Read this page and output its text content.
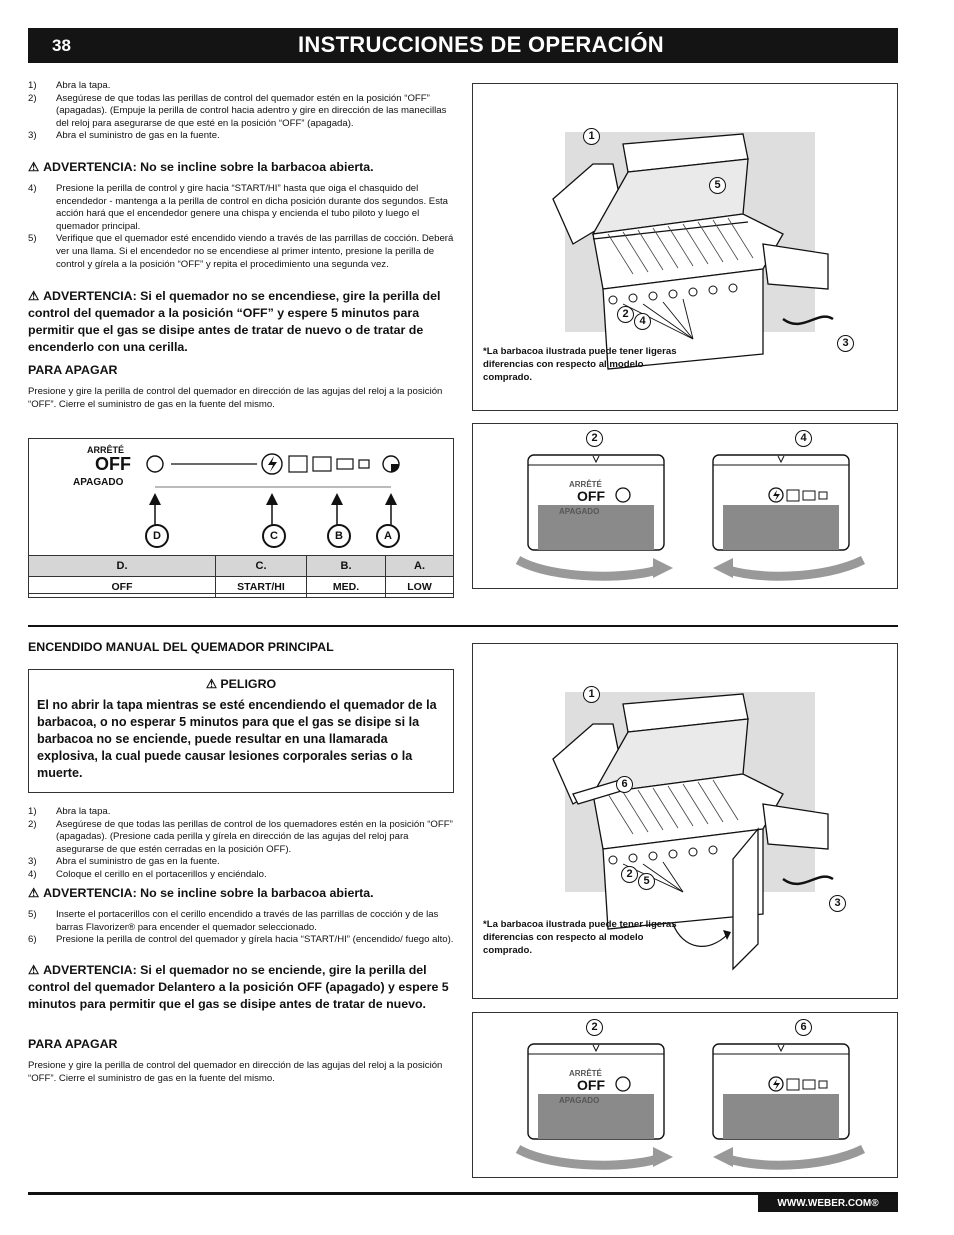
38	INSTRUCCIONES DE OPERACIÓN
1) Abra la tapa.
2) Asegúrese de que todas las perillas de control del quemador estén en la posición “OFF” (apagadas). (Empuje la perilla de control hacia adentro y gire en dirección de las manecillas del reloj para asegurarse de que esté en la posición “OFF” (apagada).
3) Abra el suministro de gas en la fuente.
⚠ ADVERTENCIA: No se incline sobre la barbacoa abierta.
4) Presione la perilla de control y gire hacia “START/HI” hasta que oiga el chasquido del encendedor - mantenga a la perilla de control en dicha posición durante dos segundos. Esta acción hará que el encendedor genere una chispa y encienda el tubo piloto y luego el quemador principal.
5) Verifique que el quemador esté encendido viendo a través de las parrillas de cocción. Deberá ver una llama. Si el encendedor no se encendiese al primer intento, presione la perilla de control y gírela a la posición “OFF” y repita el procedimiento una segunda vez.
⚠ ADVERTENCIA: Si el quemador no se encendiese, gire la perilla del control del quemador a la posición “OFF” y espere 5 minutos para permitir que el gas se disipe antes de tratar de nuevo o de tratar de encenderlo con una cerilla.
PARA APAGAR
Presione y gire la perilla de control del quemador en dirección de las agujas del reloj a la posición “OFF”. Cierre el suministro de gas en la fuente del mismo.
1
5
2
4
3
*La barbacoa ilustrada puede tener ligeras diferencias con respecto al modelo comprado.
ARRÊTÉ
OFF
APAGADO
D	C	B	A
D.	C.	B.	A.
OFF	START/HI	MED.	LOW
2	4
ARRÊTÉ
OFF
APAGADO
ENCENDIDO MANUAL DEL QUEMADOR PRINCIPAL
⚠ PELIGRO
El no abrir la tapa mientras se esté encendiendo el quemador de la barbacoa, o no esperar 5 minutos para que el gas se disipe si la barbacoa no se enciende, puede resultar en una llamarada explosiva, la cual puede causar lesiones corporales serias o la muerte.
1) Abra la tapa.
2) Asegúrese de que todas las perillas de control de los quemadores estén en la posición “OFF” (apagadas). (Presione cada perilla y gírela en dirección de las agujas del reloj para asegurarse de que estén cerradas en la posición OFF).
3) Abra el suministro de gas en la fuente.
4) Coloque el cerillo en el portacerillos y enciéndalo.
⚠ ADVERTENCIA: No se incline sobre la barbacoa abierta.
5) Inserte el portacerillos con el cerillo encendido a través de las parrillas de cocción y de las barras Flavorizer® para encender el quemador seleccionado.
6) Presione la perilla de control del quemador y gírela hacia “START/HI” (encendido/ fuego alto).
⚠ ADVERTENCIA: Si el quemador no se enciende, gire la perilla del control del quemador Delantero a la posición OFF (apagado) y espere 5 minutos para permitir que el gas se disipe antes de tratar de nuevo.
PARA APAGAR
Presione y gire la perilla de control del quemador en dirección de las agujas del reloj a la posición “OFF”. Cierre el suministro de gas en la fuente del mismo.
1
6
2
5
3
*La barbacoa ilustrada puede tener ligeras diferencias con respecto al modelo comprado.
2	6
ARRÊTÉ
OFF
APAGADO
WWW.WEBER.COM®
